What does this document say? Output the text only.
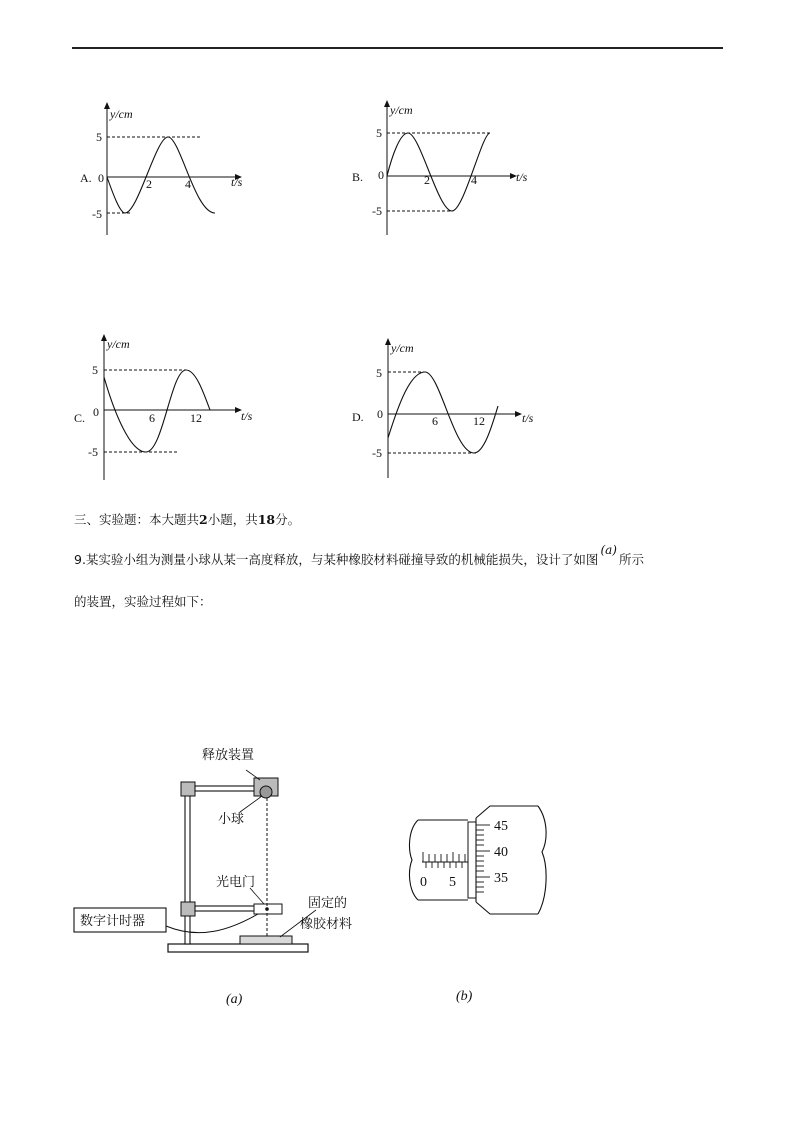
A.
y/cm
t/s
5
-5
0	2	4	B.
y/cm
t/s
5
-5
0	2	4
C.
y/cm
t/s
5
-5
0	6	12	D.
y/cm
t/s
5
-5
0	6	12
三、实验题：本大题共2小题，共18分。
9.某实验小组为测量小球从某一高度释放，与某种橡胶材料碰撞导致的机械能损失，设计了如图(a)所示
的装置，实验过程如下：
释放装置
小球
光电门
数字计时器
固定的
橡胶材料
(a)
45
40
35
0 5
(b)
